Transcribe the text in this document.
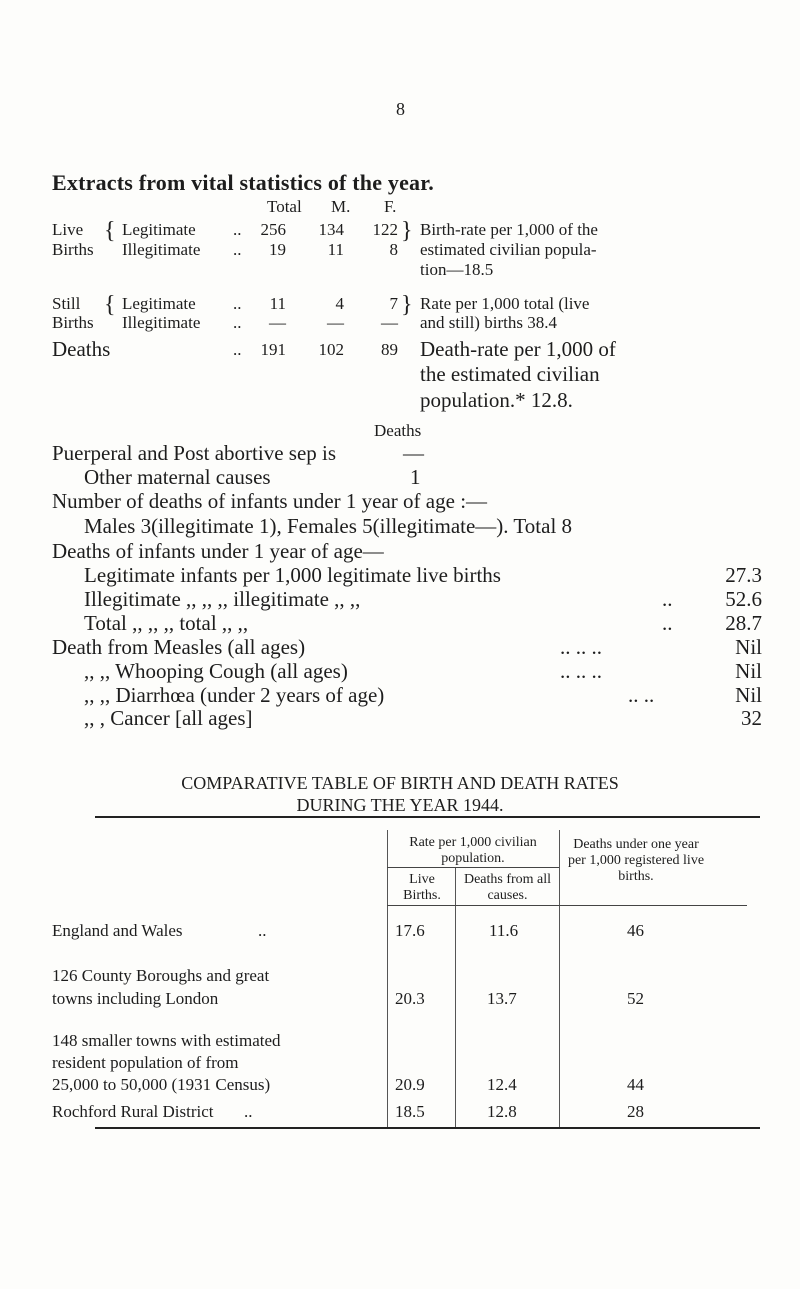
8
Extracts from vital statistics of the year.
Total M. F.
Live
Births
{ Legitimate ..	256	134	122
Illegitimate ..	19	11	8
} Birth-rate per 1,000 of the
estimated civilian popula-
tion—18.5
Still
Births
{ Legitimate ..	11	4	7
Illegitimate ..	—	—	—
} Rate per 1,000 total (live
and still) births 38.4
Deaths	..	191	102	89 Death-rate per 1,000 of
the estimated civilian
population.* 12.8.
Deaths
Puerperal and Post abortive sep is	—
Other maternal causes	1
Number of deaths of infants under 1 year of age :—
Males 3(illegitimate 1), Females 5(illegitimate—). Total 8
Deaths of infants under 1 year of age—
Legitimate infants per 1,000 legitimate live births	27.3
Illegitimate ,, ,, ,, illegitimate ,, ,,	..	52.6
Total ,, ,, ,, total ,, ,,	..	28.7
Death from Measles (all ages)	.. .. ..	Nil
,, ,, Whooping Cough (all ages)	.. .. ..	Nil
,, ,, Diarrhœa (under 2 years of age)	.. ..	Nil
,, , Cancer [all ages]	32
COMPARATIVE TABLE OF BIRTH AND DEATH RATES
DURING THE YEAR 1944.
Rate per 1,000 civilian population.
Live Births.
Deaths from all causes.
Deaths under one year per 1,000 registered live births.
England and Wales	..	17.6	11.6	46
126 County Boroughs and great
towns including London	20.3	13.7	52
148 smaller towns with estimated
resident population of from
25,000 to 50,000 (1931 Census)	20.9	12.4	44
Rochford Rural District ..	18.5	12.8	28
